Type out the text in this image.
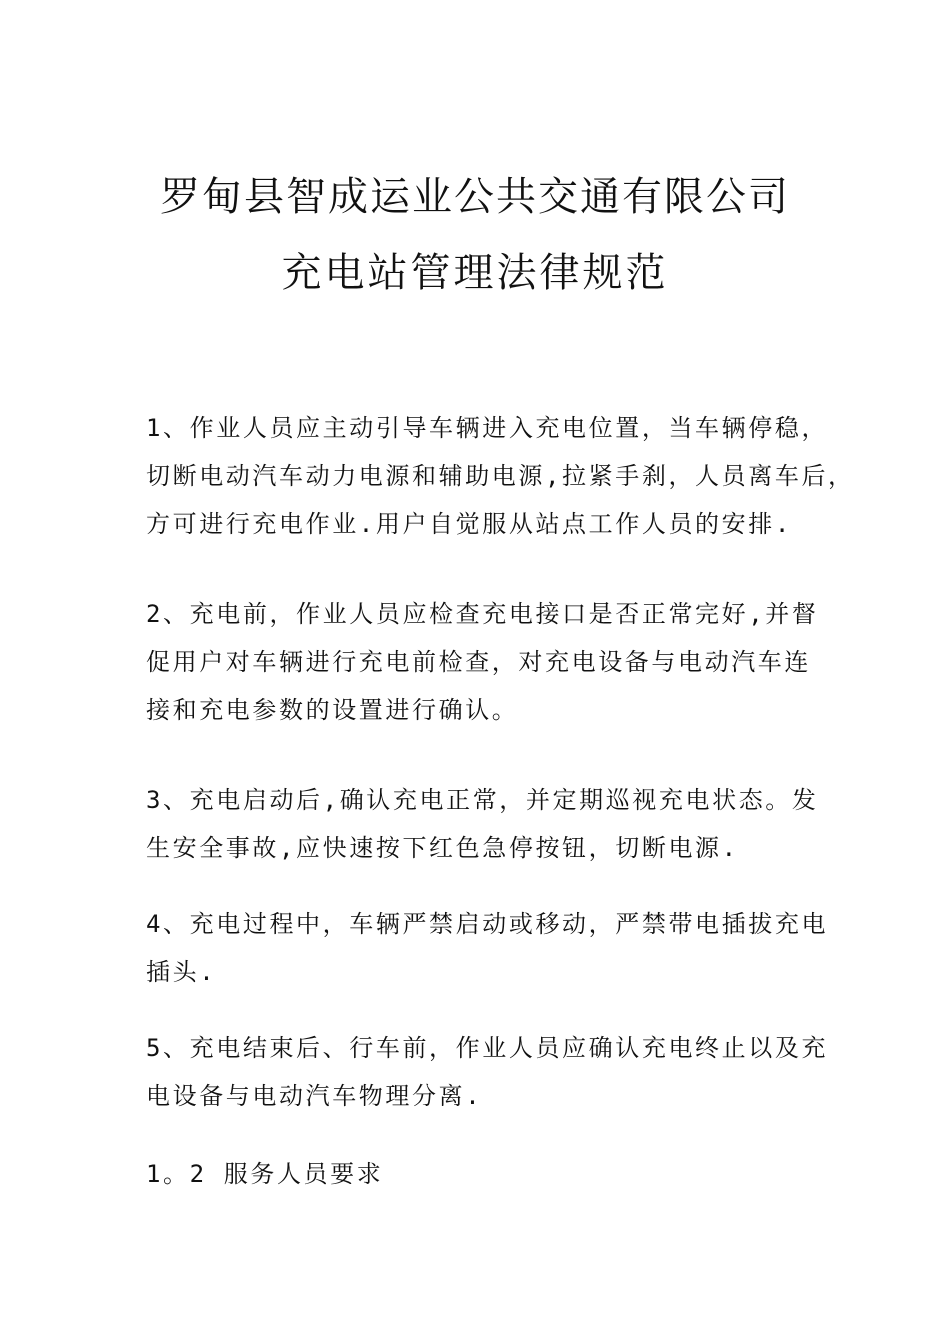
罗甸县智成运业公共交通有限公司
充电站管理法律规范

1、作业人员应主动引导车辆进入充电位置，当车辆停稳，
切断电动汽车动力电源和辅助电源,拉紧手刹，人员离车后，
方可进行充电作业.用户自觉服从站点工作人员的安排.

2、充电前，作业人员应检查充电接口是否正常完好,并督
促用户对车辆进行充电前检查，对充电设备与电动汽车连
接和充电参数的设置进行确认。

3、充电启动后,确认充电正常，并定期巡视充电状态。发
生安全事故,应快速按下红色急停按钮，切断电源.

4、充电过程中，车辆严禁启动或移动，严禁带电插拔充电
插头.

5、充电结束后、行车前，作业人员应确认充电终止以及充
电设备与电动汽车物理分离.

1。2 服务人员要求
